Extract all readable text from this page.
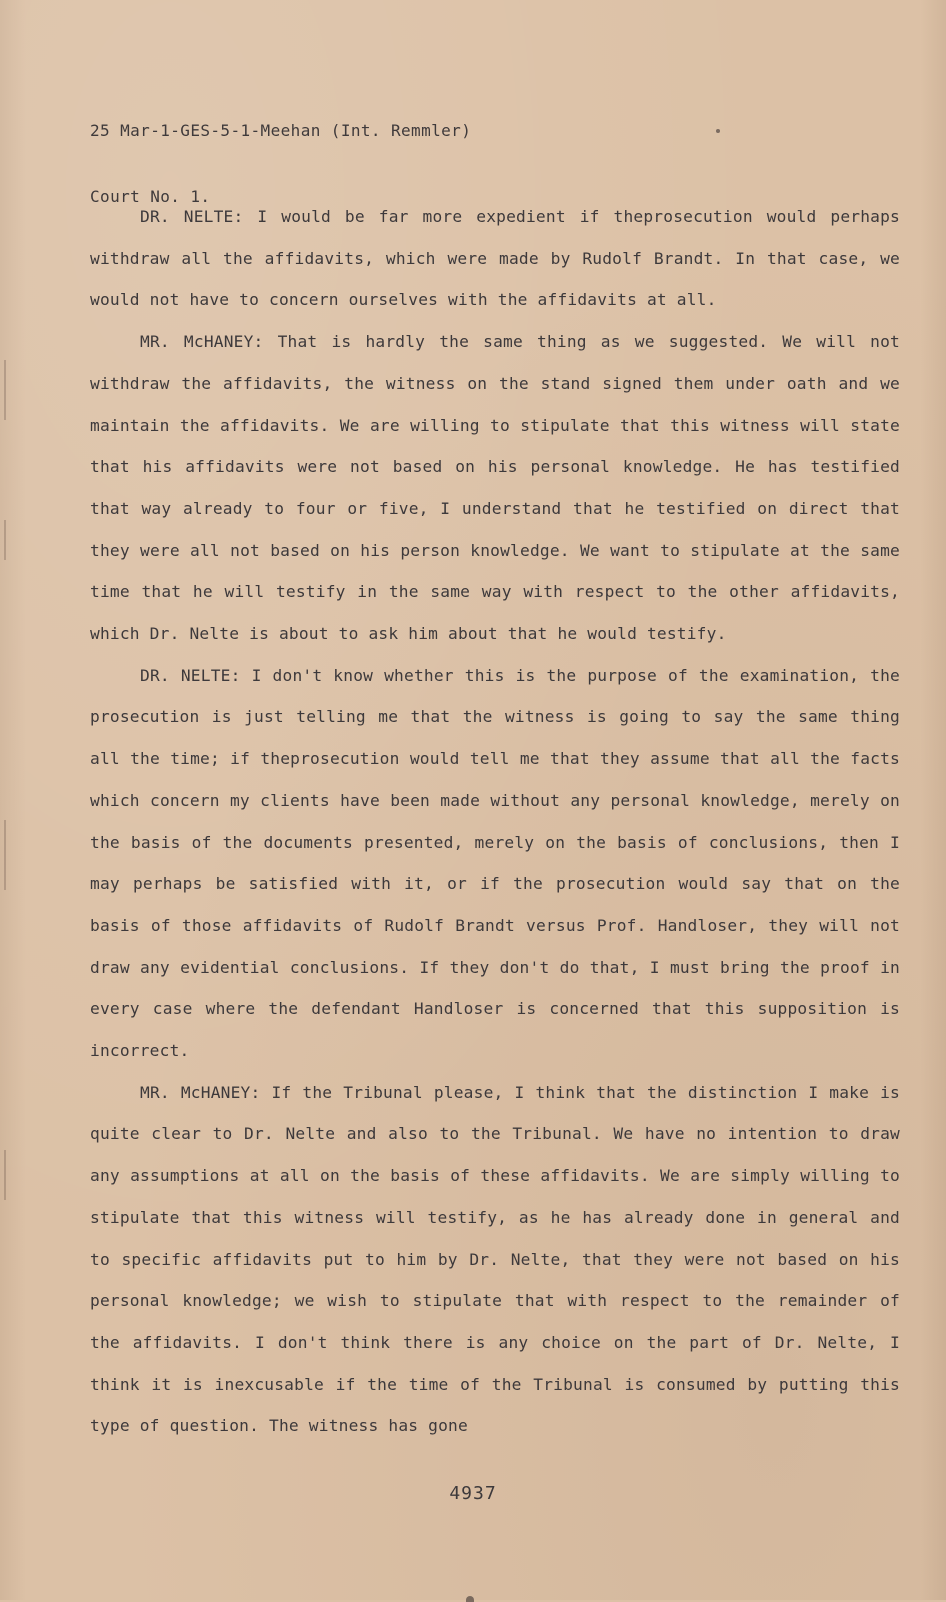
25 Mar-1-GES-5-1-Meehan (Int. Remmler)

Court No. 1.

DR. NELTE: I would be far more expedient if theprosecution would perhaps withdraw all the affidavits, which were made by Rudolf Brandt. In that case, we would not have to concern ourselves with the affidavits at all.

MR. McHANEY: That is hardly the same thing as we suggested. We will not withdraw the affidavits, the witness on the stand signed them under oath and we maintain the affidavits. We are willing to stipulate that this witness will state that his affidavits were not based on his personal knowledge. He has testified that way already to four or five, I understand that he testified on direct that they were all not based on his person knowledge. We want to stipulate at the same time that he will testify in the same way with respect to the other affidavits, which Dr. Nelte is about to ask him about that he would testify.

DR. NELTE: I don't know whether this is the purpose of the examination, the prosecution is just telling me that the witness is going to say the same thing all the time; if theprosecution would tell me that they assume that all the facts which concern my clients have been made without any personal knowledge, merely on the basis of the documents presented, merely on the basis of conclusions, then I may perhaps be satisfied with it, or if the prosecution would say that on the basis of those affidavits of Rudolf Brandt versus Prof. Handloser, they will not draw any evidential conclusions. If they don't do that, I must bring the proof in every case where the defendant Handloser is concerned that this supposition is incorrect.

MR. McHANEY: If the Tribunal please, I think that the distinction I make is quite clear to Dr. Nelte and also to the Tribunal. We have no intention to draw any assumptions at all on the basis of these affidavits. We are simply willing to stipulate that this witness will testify, as he has already done in general and to specific affidavits put to him by Dr. Nelte, that they were not based on his personal knowledge; we wish to stipulate that with respect to the remainder of the affidavits. I don't think there is any choice on the part of Dr. Nelte, I think it is inexcusable if the time of the Tribunal is consumed by putting this type of question. The witness has gone

4937
